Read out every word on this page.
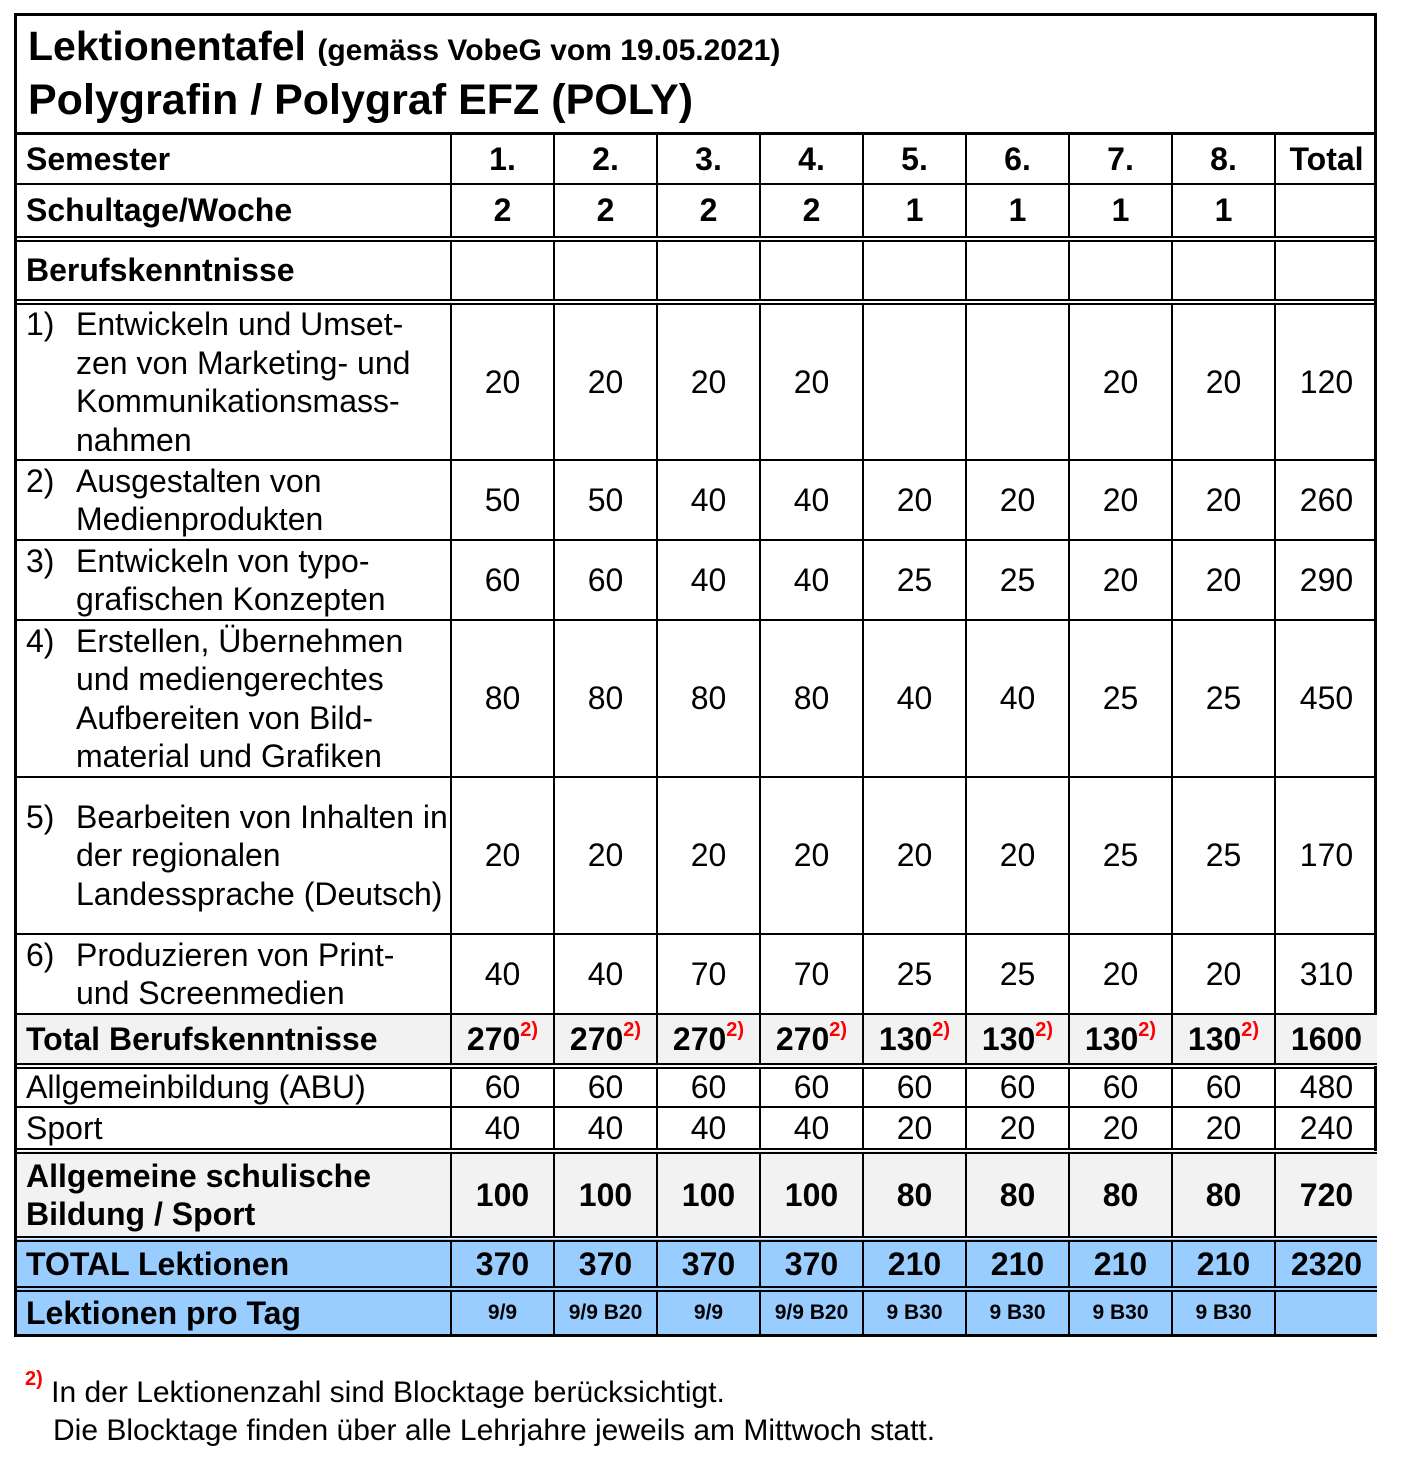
Lektionentafel (gemäss VobeG vom 19.05.2021)
Polygrafin / Polygraf EFZ (POLY)
Semester	1.	2.	3.	4.	5.	6.	7.	8.	Total
Schultage/Woche	2	2	2	2	1	1	1	1	
Berufskenntnisse									

1) Entwickeln und Umset-zen von Marketing- und Kommunikationsmass-nahmen	20	20	20	20			20	20	120

2) Ausgestalten von Medienprodukten	50	50	40	40	20	20	20	20	260

3) Entwickeln von typo-grafischen Konzepten	60	60	40	40	25	25	20	20	290

4) Erstellen, Übernehmen und mediengerechtes Aufbereiten von Bild-material und Grafiken	80	80	80	80	40	40	25	25	450

5) Bearbeiten von Inhalten in der regionalen Landessprache (Deutsch)	20	20	20	20	20	20	25	25	170

6) Produzieren von Print- und Screenmedien	40	40	70	70	25	25	20	20	310
Total Berufskenntnisse	270$^{2)}$	270$^{2)}$	270$^{2)}$	270$^{2)}$	130$^{2)}$	130$^{2)}$	130$^{2)}$	130$^{2)}$	1600
Allgemeinbildung (ABU)	60	60	60	60	60	60	60	60	480
Sport	40	40	40	40	20	20	20	20	240

Allgemeine schulische
Bildung / Sport	100	100	100	100	80	80	80	80	720
TOTAL Lektionen	370	370	370	370	210	210	210	210	2320
Lektionen pro Tag	9/9	9/9 B20	9/9	9/9 B20	9 B30	9 B30	9 B30	9 B30	
$^{2)}$ In der Lektionenzahl sind Blocktage berücksichtigt.
Die Blocktage finden über alle Lehrjahre jeweils am Mittwoch statt.
